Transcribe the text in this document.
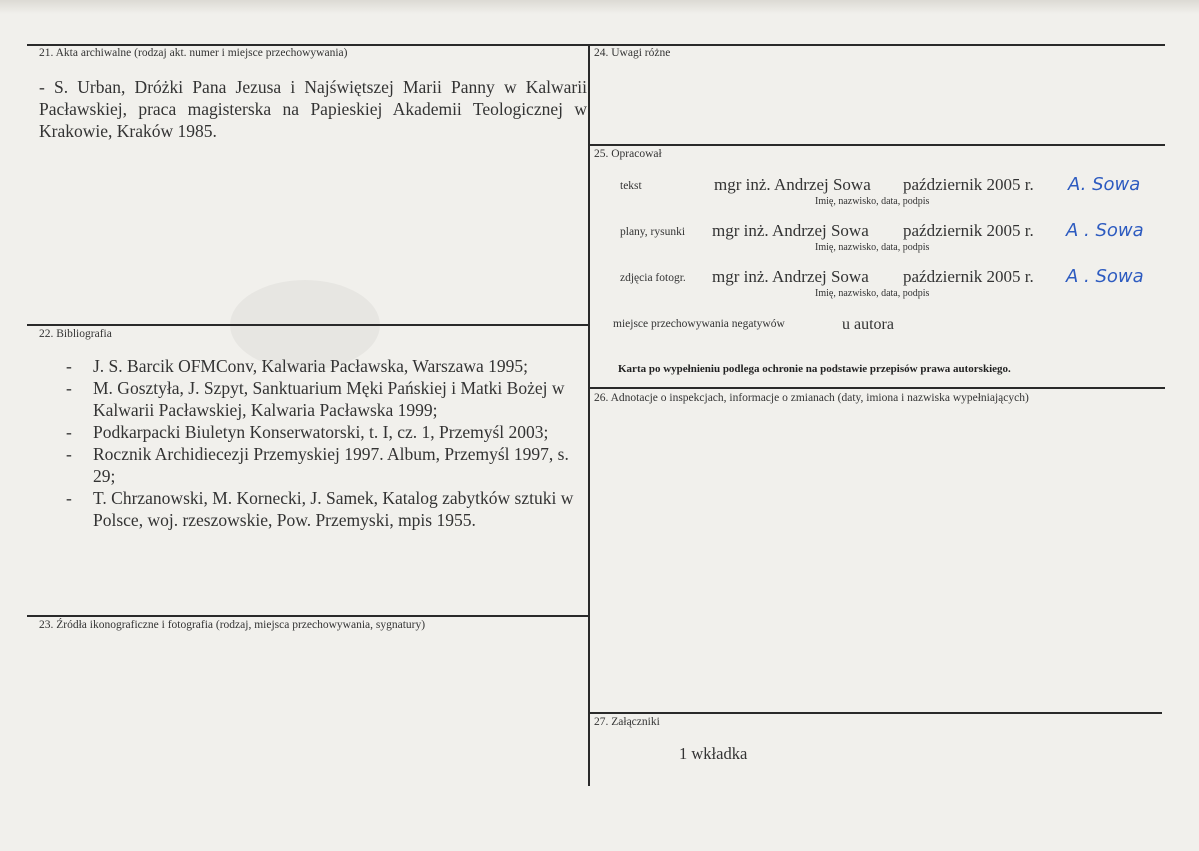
21. Akta archiwalne (rodzaj akt. numer i miejsce przechowywania)
- S. Urban, Dróżki Pana Jezusa i Najświętszej Marii Panny w Kalwarii Pacławskiej, praca magisterska na Papieskiej Akademii Teologicznej w Krakowie, Kraków 1985.
22. Bibliografia
- J. S. Barcik OFMConv, Kalwaria Pacławska, Warszawa 1995;
- M. Gosztyła, J. Szpyt, Sanktuarium Męki Pańskiej i Matki Bożej w Kalwarii Pacławskiej, Kalwaria Pacławska 1999;
- Podkarpacki Biuletyn Konserwatorski, t. I, cz. 1, Przemyśl 2003;
- Rocznik Archidiecezji Przemyskiej 1997. Album, Przemyśl 1997, s. 29;
- T. Chrzanowski, M. Kornecki, J. Samek, Katalog zabytków sztuki w Polsce, woj. rzeszowskie, Pow. Przemyski, mpis 1955.
23. Źródła ikonograficzne i fotografia (rodzaj, miejsca przechowywania, sygnatury)
24. Uwagi różne
25. Opracował
tekst	mgr inż. Andrzej Sowa październik 2005 r. A. Sowa
Imię, nazwisko, data, podpis
plany, rysunki mgr inż. Andrzej Sowa październik 2005 r. A . Sowa
Imię, nazwisko, data, podpis
zdjęcia fotogr. mgr inż. Andrzej Sowa październik 2005 r. A . Sowa
Imię, nazwisko, data, podpis
miejsce przechowywania negatywów	u autora
Karta po wypełnieniu podlega ochronie na podstawie przepisów prawa autorskiego.
26. Adnotacje o inspekcjach, informacje o zmianach (daty, imiona i nazwiska wypełniających)
27. Załączniki
1 wkładka
